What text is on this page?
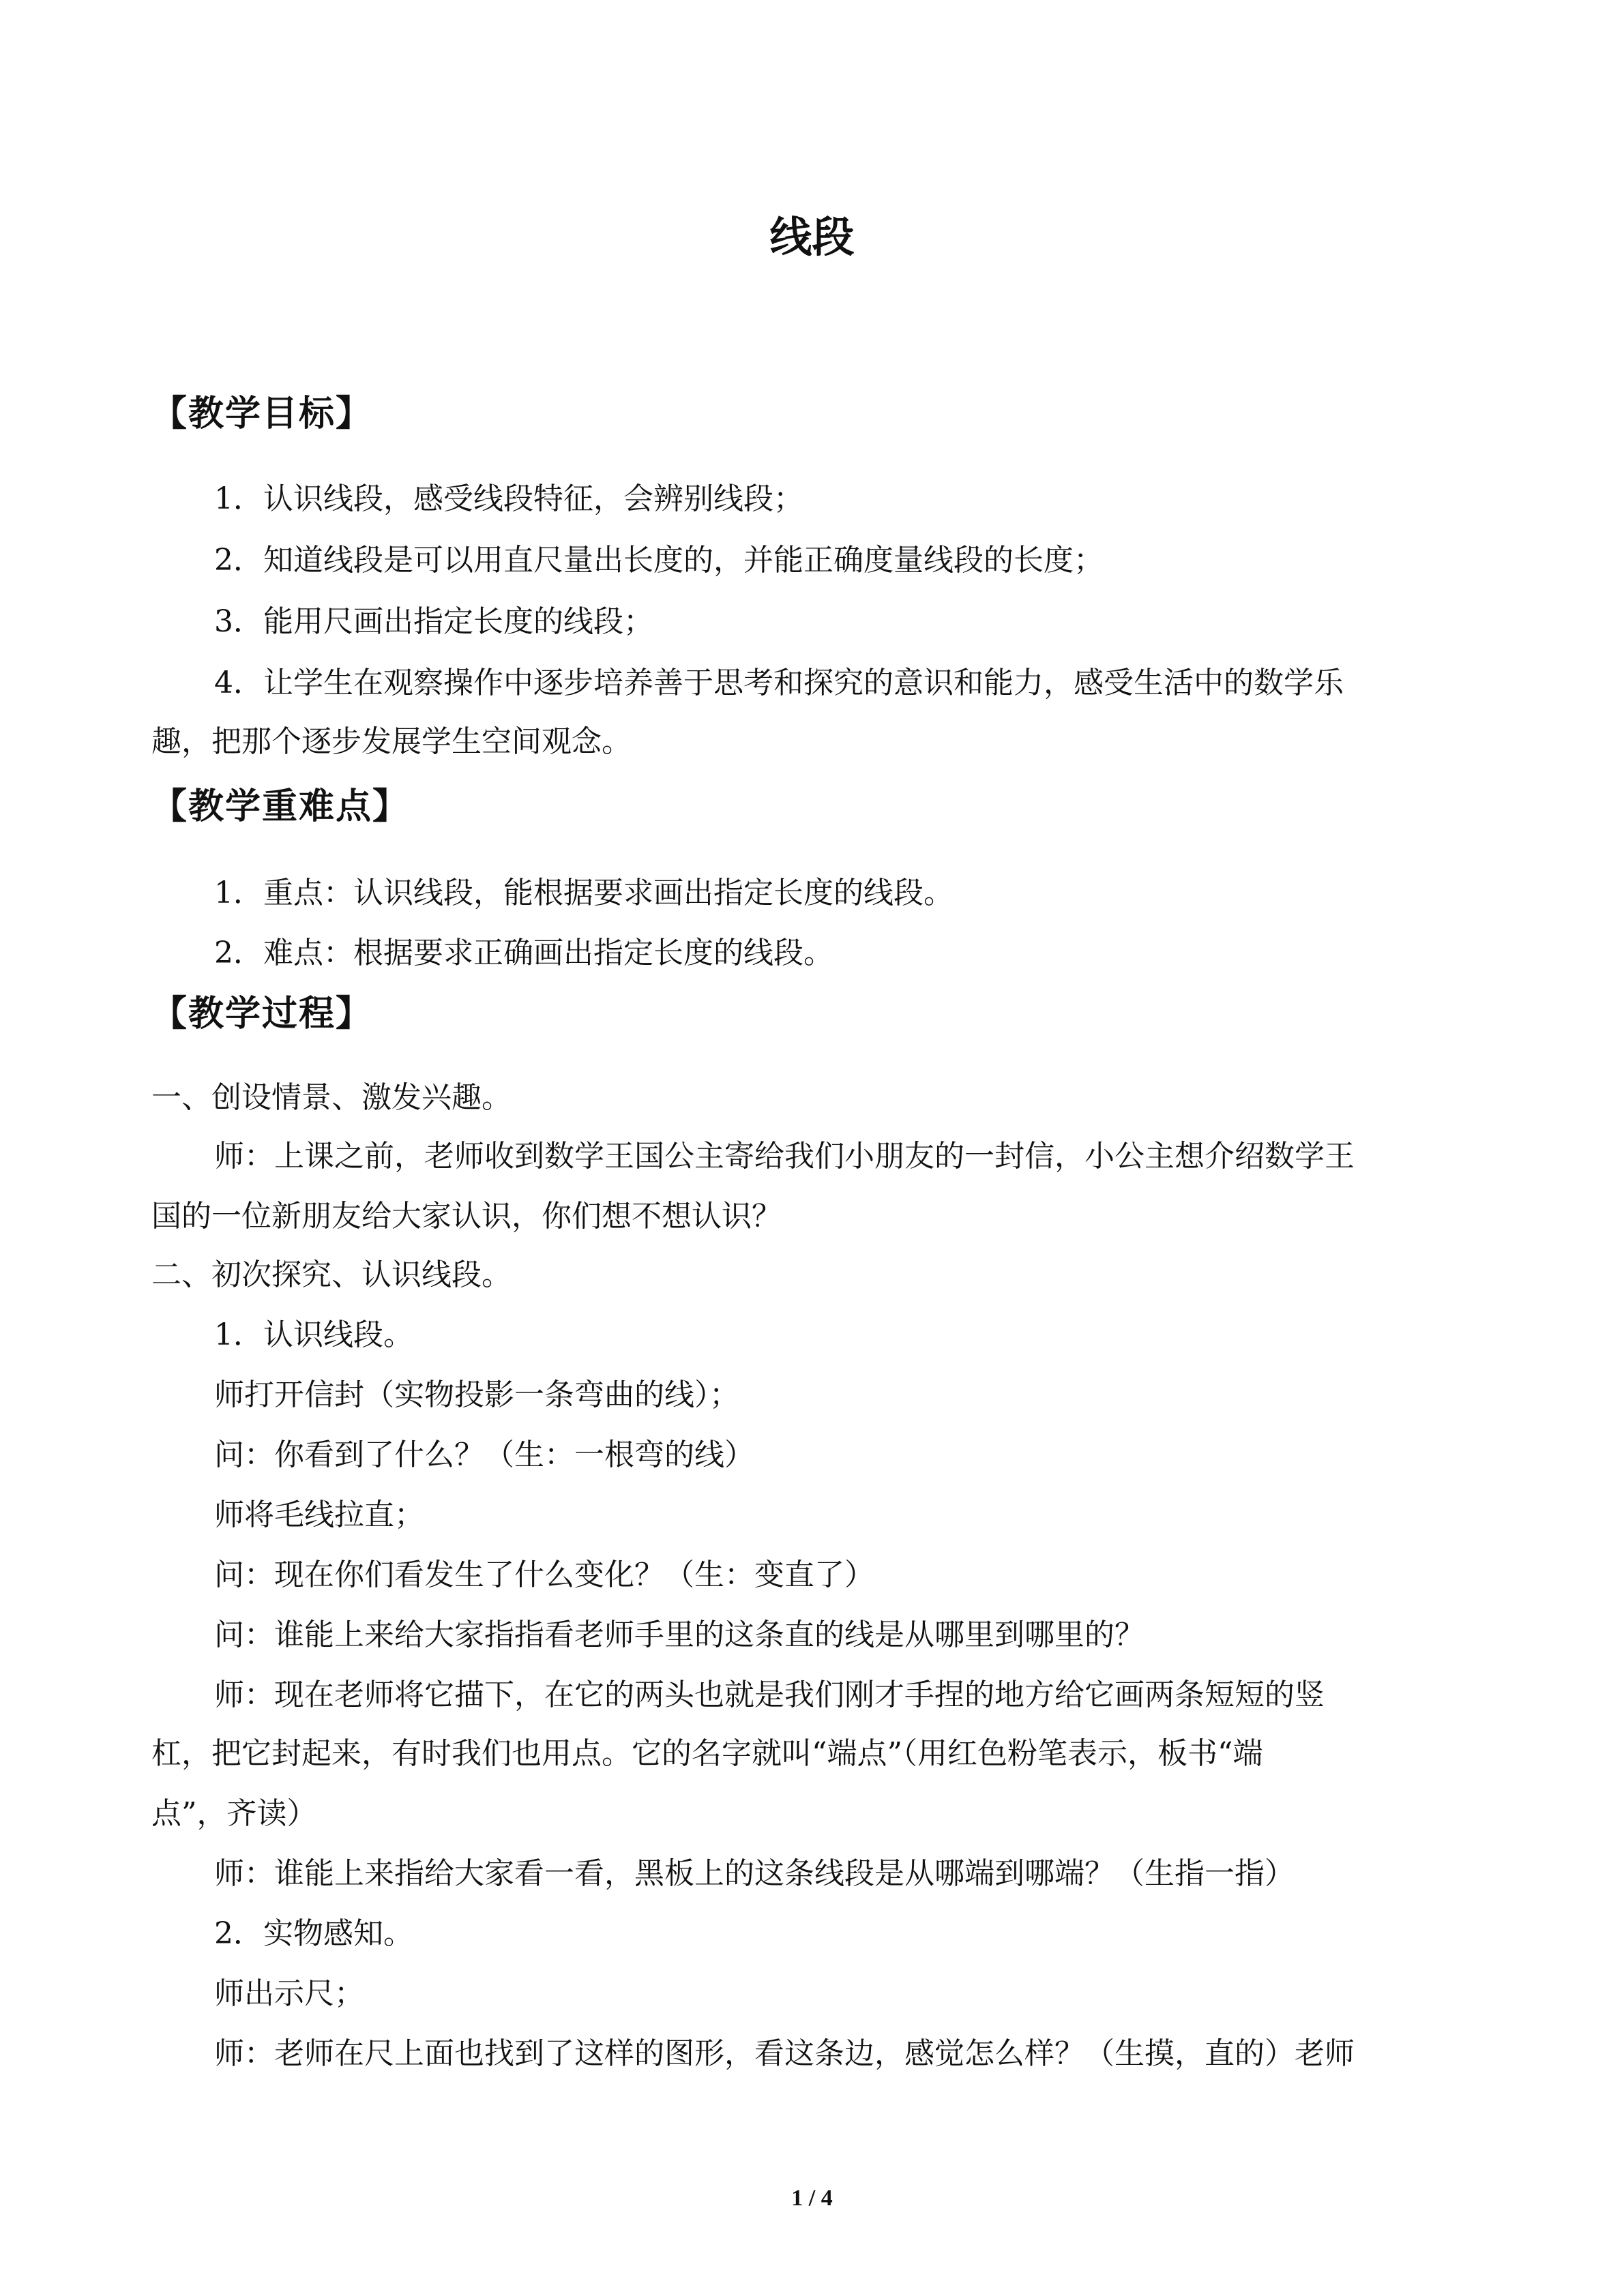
线段
【教学目标】

1．认识线段，感受线段特征，会辨别线段；

2．知道线段是可以用直尺量出长度的，并能正确度量线段的长度；

3．能用尺画出指定长度的线段；

4．让学生在观察操作中逐步培养善于思考和探究的意识和能力，感受生活中的数学乐

趣，把那个逐步发展学生空间观念。

【教学重难点】

1．重点：认识线段，能根据要求画出指定长度的线段。

2．难点：根据要求正确画出指定长度的线段。

【教学过程】

一、创设情景、激发兴趣。

师：上课之前，老师收到数学王国公主寄给我们小朋友的一封信，小公主想介绍数学王

国的一位新朋友给大家认识，你们想不想认识？

二、初次探究、认识线段。

1．认识线段。

师打开信封（实物投影一条弯曲的线）；

问：你看到了什么？（生：一根弯的线）

师将毛线拉直；

问：现在你们看发生了什么变化？（生：变直了）

问：谁能上来给大家指指看老师手里的这条直的线是从哪里到哪里的？

师：现在老师将它描下，在它的两头也就是我们刚才手捏的地方给它画两条短短的竖

杠，把它封起来，有时我们也用点。它的名字就叫“端点”（用红色粉笔表示，板书“端

点”，齐读）

师：谁能上来指给大家看一看，黑板上的这条线段是从哪端到哪端？（生指一指）

2．实物感知。

师出示尺；

师：老师在尺上面也找到了这样的图形，看这条边，感觉怎么样？（生摸，直的）老师

1 / 4
